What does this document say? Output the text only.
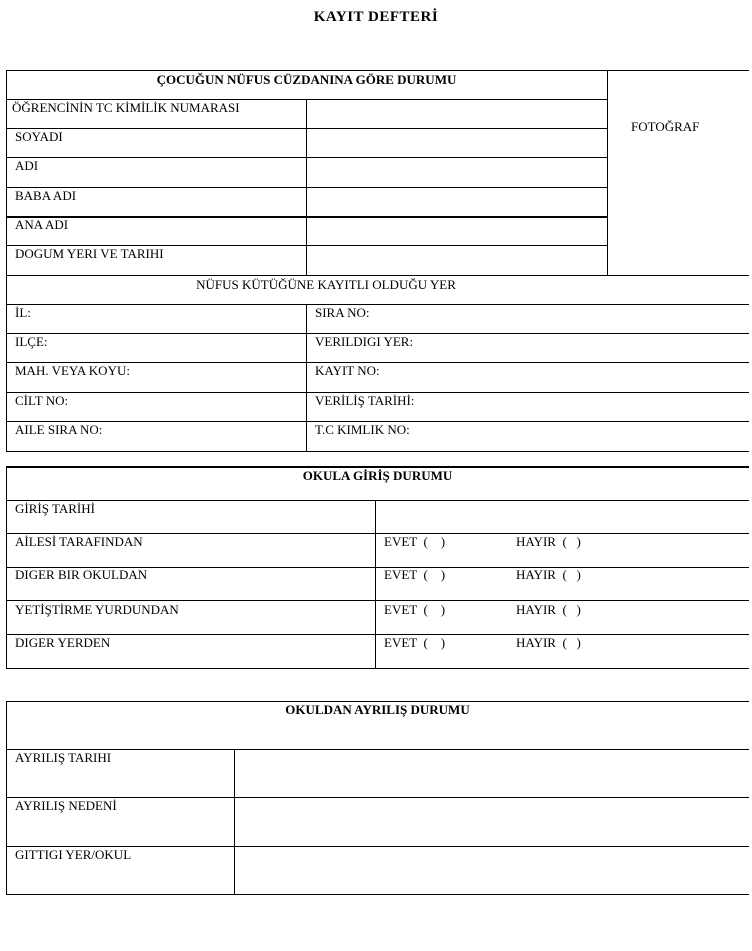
KAYIT DEFTERİ
ÇOCUĞUN NÜFUS CÜZDANINA GÖRE DURUMU
FOTOĞRAF
ÖĞRENCİNİN TC KİMİLİK NUMARASI
SOYADI
ADI
BABA ADI
ANA ADI
DOGUM YERI VE TARIHI
NÜFUS KÜTÜĞÜNE KAYITLI OLDUĞU YER
İL:	SIRA NO:
ILÇE:	VERILDIGI YER:
MAH. VEYA KOYU:	KAYIT NO:
CİLT NO:	VERİLİŞ TARİHİ:
AILE SIRA NO:	T.C KIMLIK NO:
OKULA GİRİŞ DURUMU
GİRİŞ TARİHİ
AİLESİ TARAFINDAN	EVET  (    )	HAYIR  (   )
DIGER BIR OKULDAN	EVET  (    )	HAYIR  (   )
YETİŞTİRME YURDUNDAN	EVET  (    )	HAYIR  (   )
DIGER YERDEN	EVET  (    )	HAYIR  (   )
OKULDAN AYRILIŞ DURUMU
AYRILIŞ TARIHI
AYRILIŞ NEDENİ
GITTIGI YER/OKUL
